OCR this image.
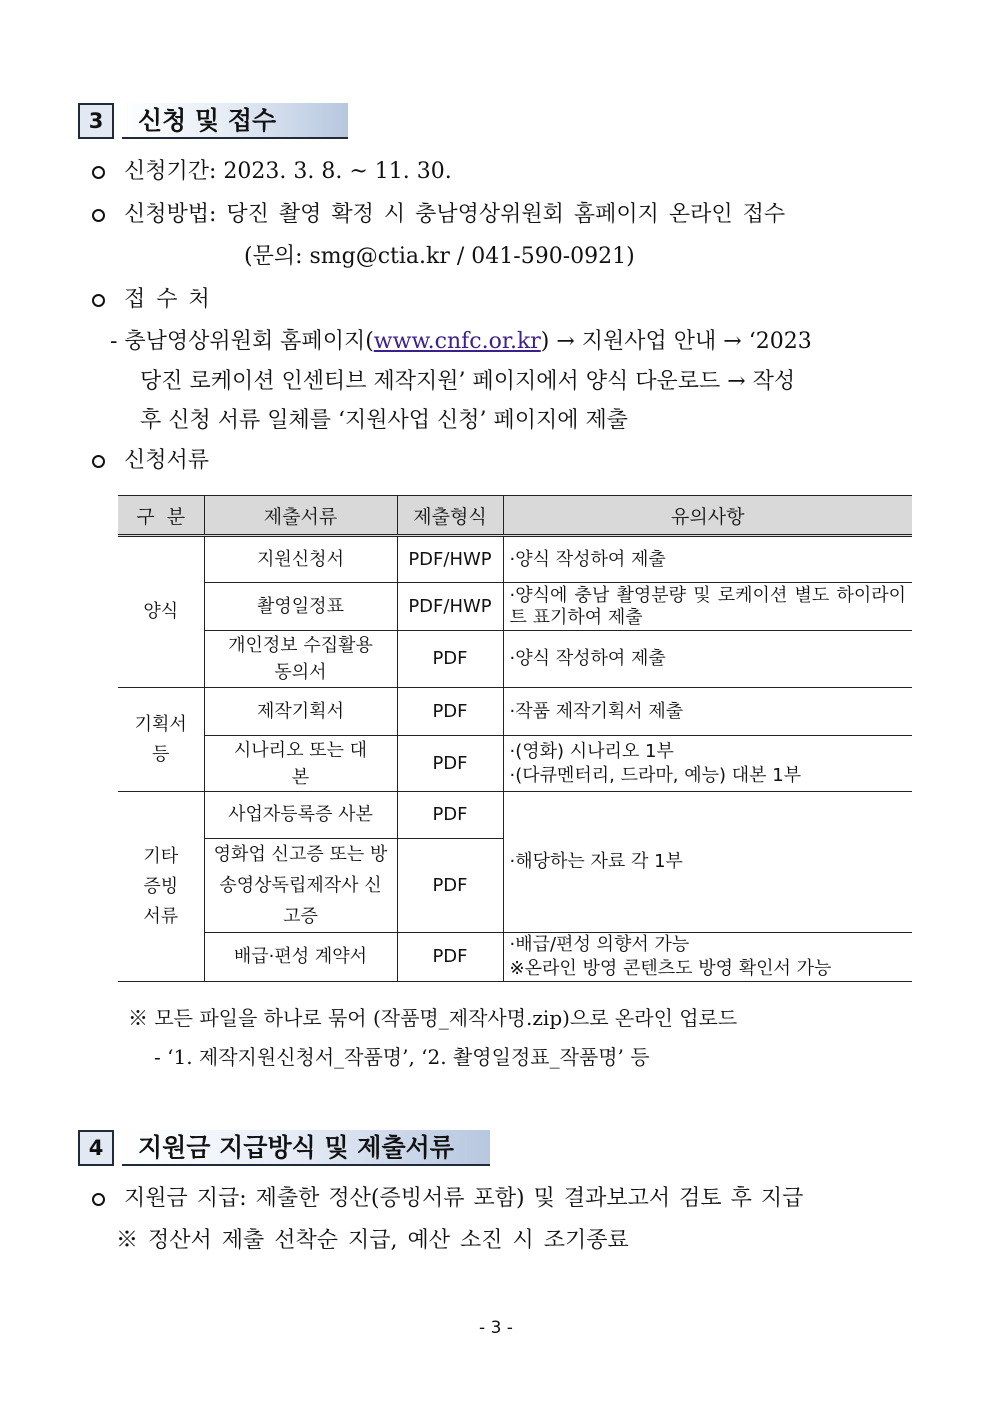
3	신청 및 접수
신청기간: 2023. 3. 8. ~ 11. 30.
신청방법: 당진 촬영 확정 시 충남영상위원회 홈페이지 온라인 접수
(문의: smg@ctia.kr / 041-590-0921)
접 수 처
- 충남영상위원회 홈페이지(www.cnfc.or.kr) → 지원사업 안내 → ‘2023
당진 로케이션 인센티브 제작지원’ 페이지에서 양식 다운로드 → 작성
후 신청 서류 일체를 ‘지원사업 신청’ 페이지에 제출
신청서류
구  분	제출서류	제출형식	유의사항
양식	지원신청서	PDF/HWP	·양식 작성하여 제출
	촬영일정표	PDF/HWP	·양식에 충남 촬영분량 및 로케이션 별도 하이라이트 표기하여 제출

	개인정보 수집활용 동의서	PDF	·양식 작성하여 제출
기획서 등	제작기획서	PDF	·작품 제작기획서 제출
	시나리오 또는 대본	PDF	·(영화) 시나리오 1부
·(다큐멘터리, 드라마, 예능) 대본 1부

기타 증빙 서류	사업자등록증 사본	PDF	·해당하는 자료 각 1부
	영화업 신고증 또는 방송영상독립제작사 신고증	PDF	
	배급·편성 계약서	PDF	·배급/편성 의향서 가능
※온라인 방영 콘텐츠도 방영 확인서 가능
※ 모든 파일을 하나로 묶어 (작품명_제작사명.zip)으로 온라인 업로드
- ‘1. 제작지원신청서_작품명’, ‘2. 촬영일정표_작품명’ 등
4	지원금 지급방식 및 제출서류
지원금 지급: 제출한 정산(증빙서류 포함) 및 결과보고서 검토 후 지급
※ 정산서 제출 선착순 지급, 예산 소진 시 조기종료
- 3 -
